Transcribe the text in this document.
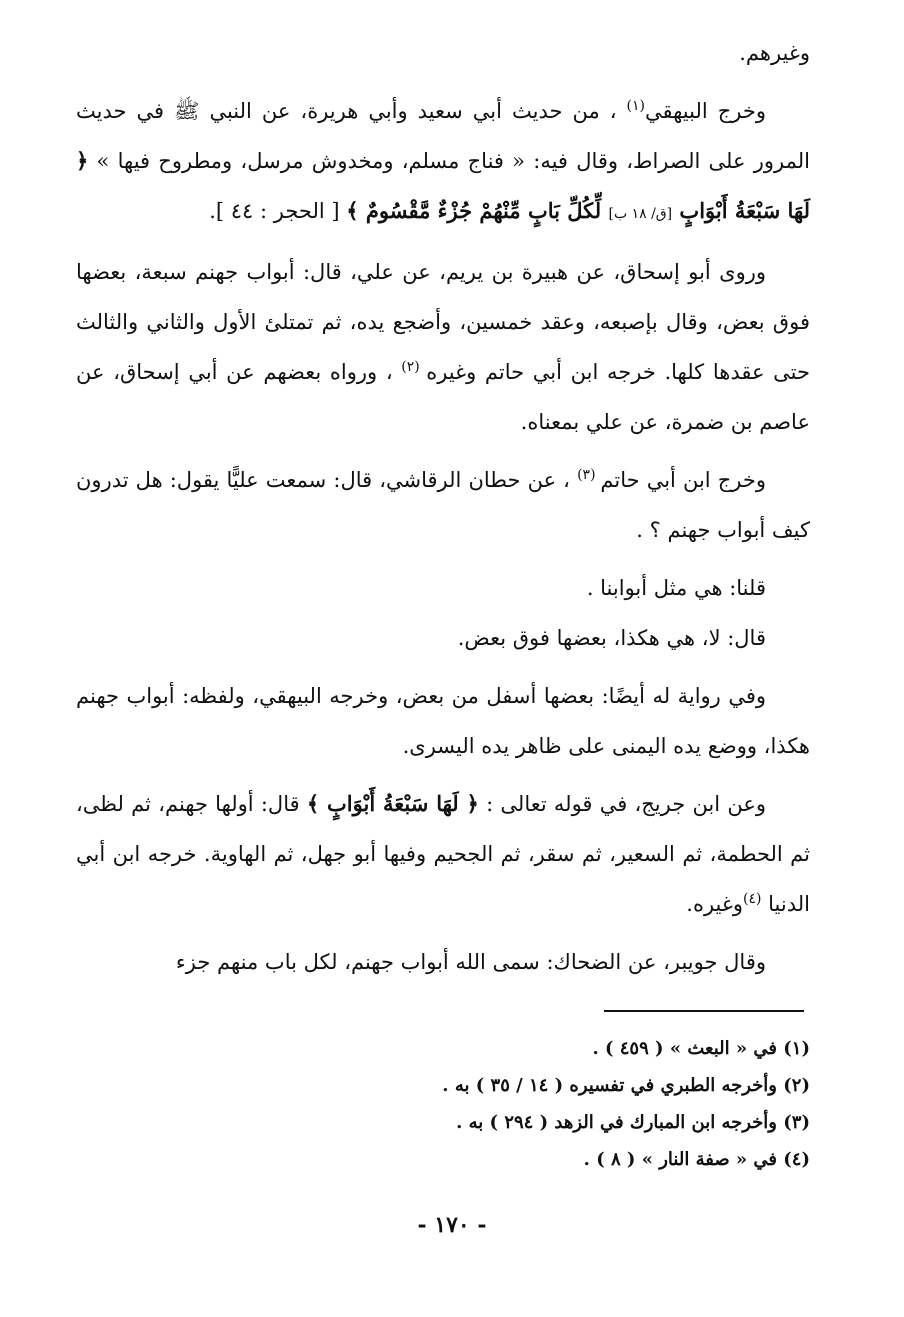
وغيرهم.

وخرج البيهقي$^{(١)}$ ، من حديث أبي سعيد وأبي هريرة، عن النبي ﷺ في حديث المرور على الصراط، وقال فيه: « فناج مسلم، ومخدوش مرسل، ومطروح فيها » ﴿ لَهَا سَبْعَةُ أَبْوَابٍ [ق/ ١٨ ب] لِّكُلِّ بَابٍ مِّنْهُمْ جُزْءٌ مَّقْسُومٌ ﴾ [ الحجر : ٤٤ ].

وروى أبو إسحاق، عن هبيرة بن يريم، عن علي، قال: أبواب جهنم سبعة، بعضها فوق بعض، وقال بإصبعه، وعقد خمسين، وأضجع يده، ثم تمتلئ الأول والثاني والثالث حتى عقدها كلها. خرجه ابن أبي حاتم وغيره $^{(٢)}$ ، ورواه بعضهم عن أبي إسحاق، عن عاصم بن ضمرة، عن علي بمعناه.

وخرج ابن أبي حاتم $^{(٣)}$ ، عن حطان الرقاشي، قال: سمعت عليًّا يقول: هل تدرون كيف أبواب جهنم ؟ .

قلنا: هي مثل أبوابنا .

قال: لا، هي هكذا، بعضها فوق بعض.

وفي رواية له أيضًا: بعضها أسفل من بعض، وخرجه البيهقي، ولفظه: أبواب جهنم هكذا، ووضع يده اليمنى على ظاهر يده اليسرى.

وعن ابن جريج، في قوله تعالى : ﴿ لَهَا سَبْعَةُ أَبْوَابٍ ﴾ قال: أولها جهنم، ثم لظى، ثم الحطمة، ثم السعير، ثم سقر، ثم الجحيم وفيها أبو جهل، ثم الهاوية. خرجه ابن أبي الدنيا $^{(٤)}$وغيره.

وقال جويبر، عن الضحاك: سمى الله أبواب جهنم، لكل باب منهم جزء

(١) في « البعث » ( ٤٥٩ ) .

(٢) وأخرجه الطبري في تفسيره ( ١٤ / ٣٥ ) به .

(٣) وأخرجه ابن المبارك في الزهد ( ٢٩٤ ) به .

(٤) في « صفة النار » ( ٨ ) .

- ١٧٠ -
